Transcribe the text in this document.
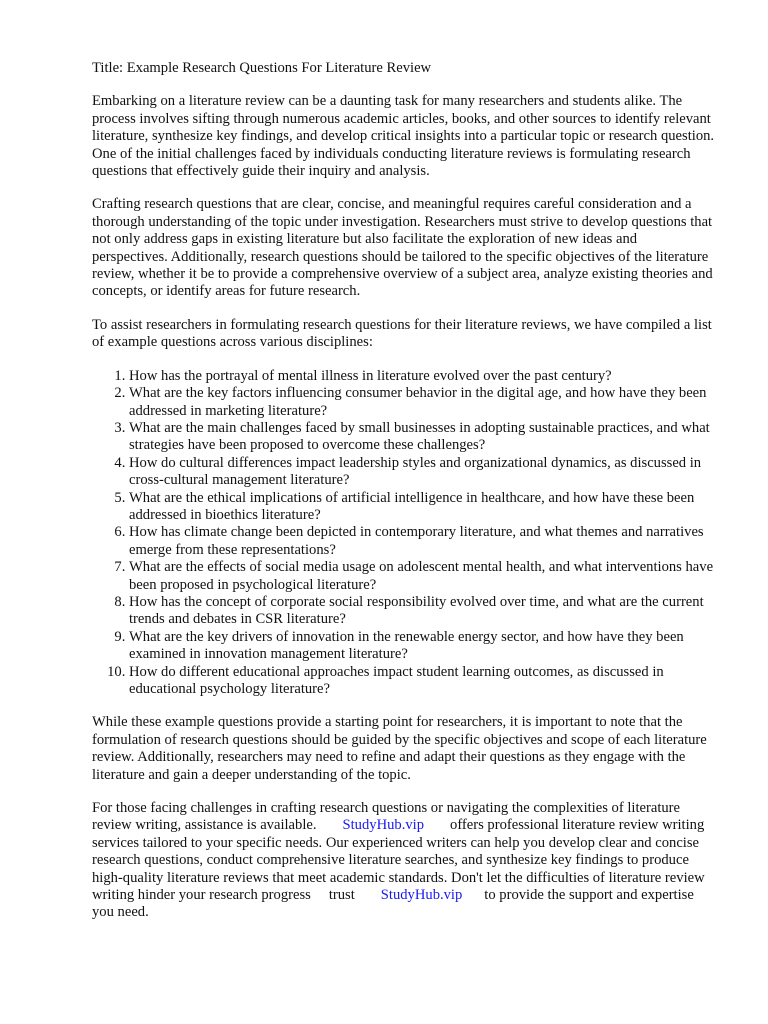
Title: Example Research Questions For Literature Review

Embarking on a literature review can be a daunting task for many researchers and students alike. The process involves sifting through numerous academic articles, books, and other sources to identify relevant literature, synthesize key findings, and develop critical insights into a particular topic or research question. One of the initial challenges faced by individuals conducting literature reviews is formulating research questions that effectively guide their inquiry and analysis.

Crafting research questions that are clear, concise, and meaningful requires careful consideration and a thorough understanding of the topic under investigation. Researchers must strive to develop questions that not only address gaps in existing literature but also facilitate the exploration of new ideas and perspectives. Additionally, research questions should be tailored to the specific objectives of the literature review, whether it be to provide a comprehensive overview of a subject area, analyze existing theories and concepts, or identify areas for future research.

To assist researchers in formulating research questions for their literature reviews, we have compiled a list of example questions across various disciplines:

1. How has the portrayal of mental illness in literature evolved over the past century?
2. What are the key factors influencing consumer behavior in the digital age, and how have they been addressed in marketing literature?
3. What are the main challenges faced by small businesses in adopting sustainable practices, and what strategies have been proposed to overcome these challenges?
4. How do cultural differences impact leadership styles and organizational dynamics, as discussed in cross-cultural management literature?
5. What are the ethical implications of artificial intelligence in healthcare, and how have these been addressed in bioethics literature?
6. How has climate change been depicted in contemporary literature, and what themes and narratives emerge from these representations?
7. What are the effects of social media usage on adolescent mental health, and what interventions have been proposed in psychological literature?
8. How has the concept of corporate social responsibility evolved over time, and what are the current trends and debates in CSR literature?
9. What are the key drivers of innovation in the renewable energy sector, and how have they been examined in innovation management literature?
10. How do different educational approaches impact student learning outcomes, as discussed in educational psychology literature?

While these example questions provide a starting point for researchers, it is important to note that the formulation of research questions should be guided by the specific objectives and scope of each literature review. Additionally, researchers may need to refine and adapt their questions as they engage with the literature and gain a deeper understanding of the topic.

For those facing challenges in crafting research questions or navigating the complexities of literature review writing, assistance is available. StudyHub.vip offers professional literature review writing services tailored to your specific needs. Our experienced writers can help you develop clear and concise research questions, conduct comprehensive literature searches, and synthesize key findings to produce high-quality literature reviews that meet academic standards. Don't let the difficulties of literature review writing hinder your research progress trust StudyHub.vip to provide the support and expertise you need.
